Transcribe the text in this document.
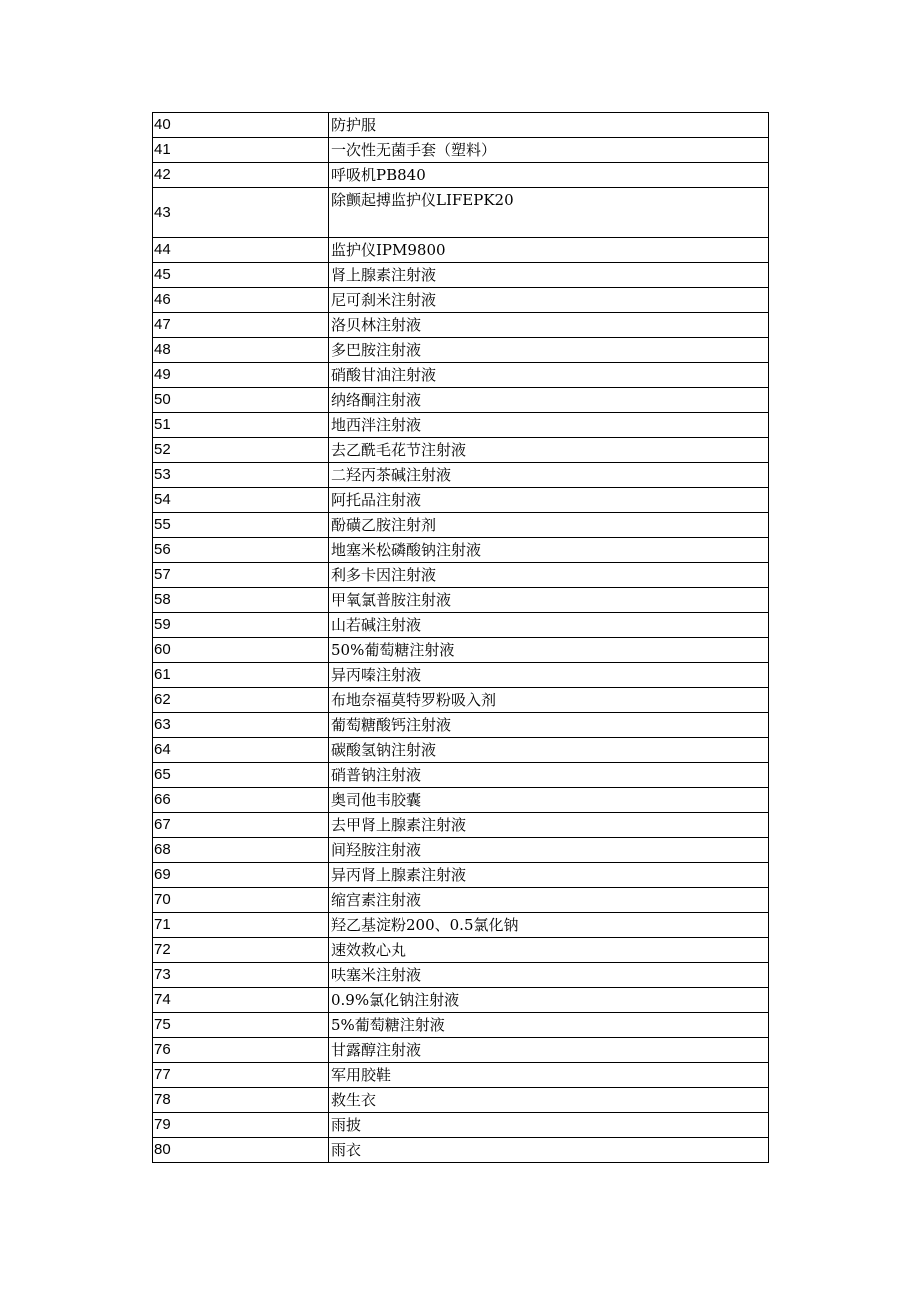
40	防护服
41	一次性无菌手套（塑料）
42	呼吸机PB840
43	除颤起搏监护仪LIFEPK20
44	监护仪IPM9800
45	肾上腺素注射液
46	尼可刹米注射液
47	洛贝林注射液
48	多巴胺注射液
49	硝酸甘油注射液
50	纳络酮注射液
51	地西泮注射液
52	去乙酰毛花节注射液
53	二羟丙茶碱注射液
54	阿托品注射液
55	酚磺乙胺注射剂
56	地塞米松磷酸钠注射液
57	利多卡因注射液
58	甲氧氯普胺注射液
59	山若碱注射液
60	50%葡萄糖注射液
61	异丙嗪注射液
62	布地奈福莫特罗粉吸入剂
63	葡萄糖酸钙注射液
64	碳酸氢钠注射液
65	硝普钠注射液
66	奥司他韦胶囊
67	去甲肾上腺素注射液
68	间羟胺注射液
69	异丙肾上腺素注射液
70	缩宫素注射液
71	羟乙基淀粉200、0.5氯化钠
72	速效救心丸
73	呋塞米注射液
74	0.9%氯化钠注射液
75	5%葡萄糖注射液
76	甘露醇注射液
77	军用胶鞋
78	救生衣
79	雨披
80	雨衣
